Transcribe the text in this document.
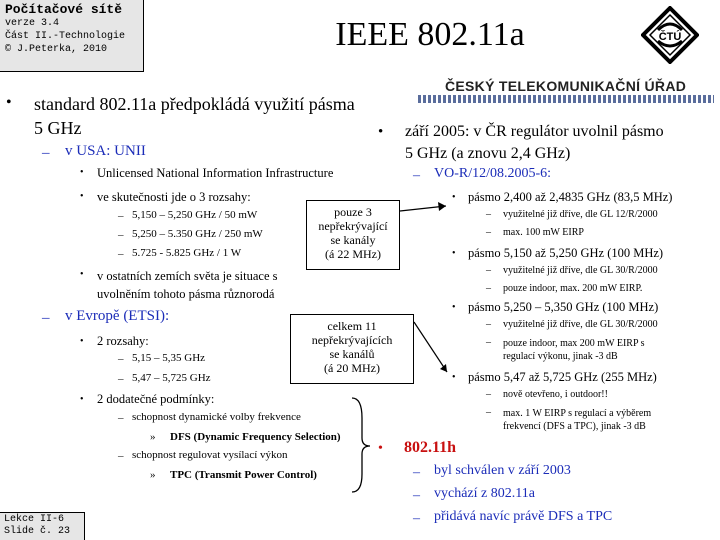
Počítačové sítě
verze 3.4
Část II.-Technologie
© J.Peterka, 2010	IEEE 802.11a	ČTÚ
ČESKÝ TELEKOMUNIKAČNÍ ÚŘAD
• standard 802.11a předpokládá využití pásma
5 GHz
– v USA: UNII
• Unlicensed National Information Infrastructure
• ve skutečnosti jde o 3 rozsahy:
– 5,150 – 5,250 GHz / 50 mW
– 5,250 – 5.350 GHz / 250 mW
– 5.725 - 5.825 GHz / 1 W
• v ostatních zemích světa je situace s
uvolněním tohoto pásma různorodá
– v Evropě (ETSI):
• 2 rozsahy:
– 5,15 – 5,35 GHz
– 5,47 – 5,725 GHz
• 2 dodatečné podmínky:
– schopnost dynamické volby frekvence
» DFS (Dynamic Frequency Selection)
– schopnost regulovat vysílací výkon
» TPC (Transmit Power Control)
pouze 3
nepřekrývající
se kanály
(á 22 MHz)
celkem 11
nepřekrývajících
se kanálů
(á 20 MHz)
• září 2005: v ČR regulátor uvolnil pásmo
5 GHz (a znovu 2,4 GHz)
– VO-R/12/08.2005-6:
• pásmo 2,400 až 2,4835 GHz (83,5 MHz)
– využitelné již dříve, dle GL 12/R/2000
– max. 100 mW EIRP
• pásmo 5,150 až 5,250 GHz (100 MHz)
– využitelné již dříve, dle GL 30/R/2000
– pouze indoor, max. 200 mW EIRP.
• pásmo 5,250 – 5,350 GHz (100 MHz)
– využitelné již dříve, dle GL 30/R/2000
– pouze indoor, max 200 mW EIRP s
regulací výkonu, jinak -3 dB
• pásmo 5,47 až 5,725 GHz (255 MHz)
– nově otevřeno, i outdoor!!
– max. 1 W EIRP s regulací a výběrem
frekvencí (DFS a TPC), jinak -3 dB
• 802.11h
– byl schválen v září 2003
– vychází z 802.11a
– přidává navíc právě DFS a TPC
Lekce II-6
Slide č. 23
